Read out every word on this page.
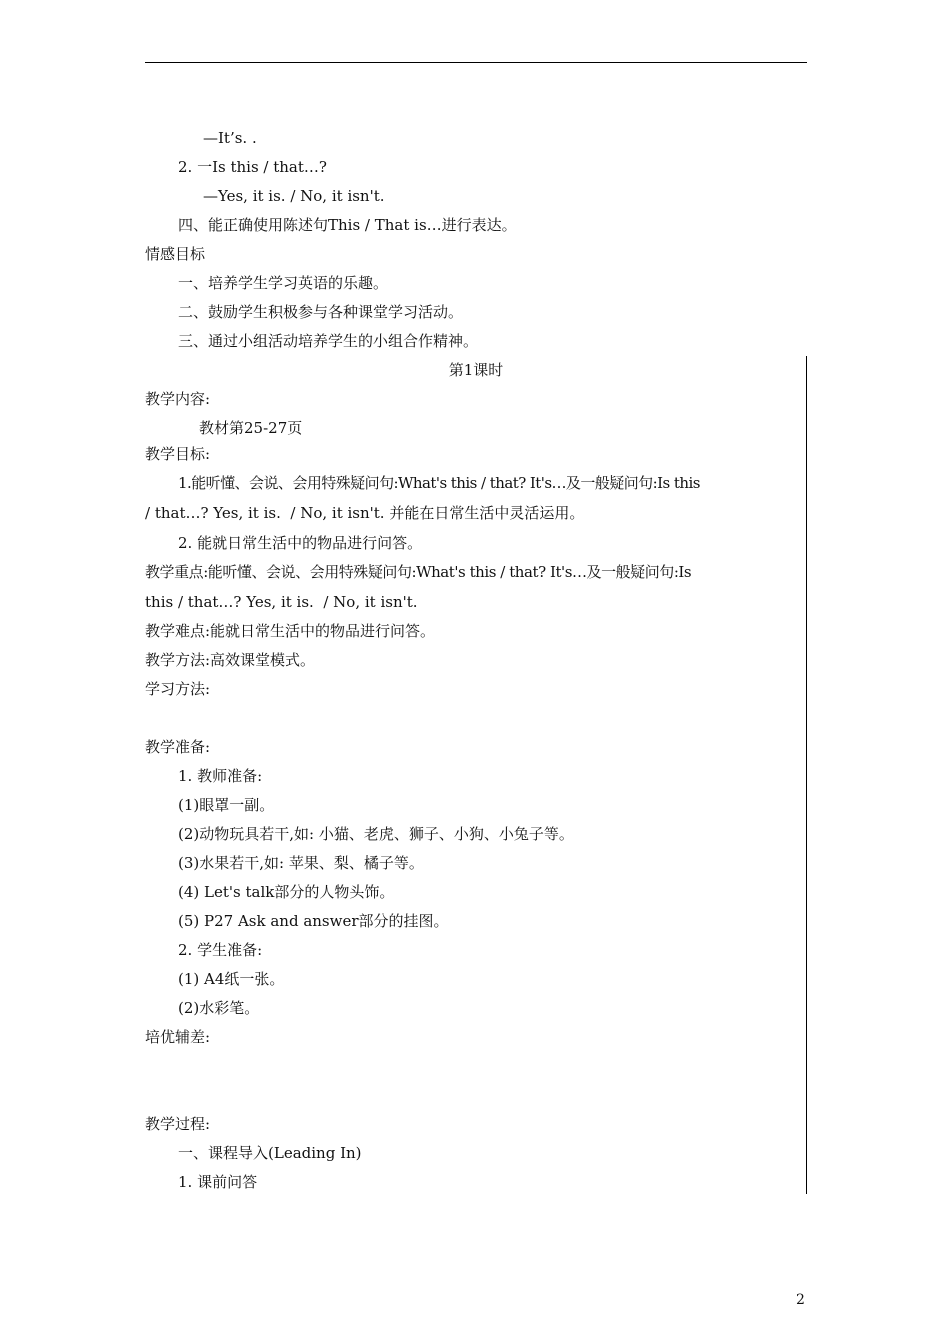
—It’s. .
2. 一Is this / that…?
—Yes, it is. / No, it isn't.
四、能正确使用陈述句This / That is…进行表达。
情感目标
一、培养学生学习英语的乐趣。
二、鼓励学生积极参与各种课堂学习活动。
三、通过小组活动培养学生的小组合作精神。
第1课时
教学内容:
教材第25-27页
教学目标:
1.能听懂、会说、会用特殊疑问句:What's this / that? It's…及一般疑问句:Is this
/ that…? Yes, it is.  / No, it isn't. 并能在日常生活中灵活运用。
2. 能就日常生活中的物品进行问答。
教学重点:能听懂、会说、会用特殊疑问句:What's this / that? It's…及一般疑问句:Is
this / that…? Yes, it is.  / No, it isn't.
教学难点:能就日常生活中的物品进行问答。
教学方法:高效课堂模式。
学习方法:
教学准备:
1. 教师准备:
(1)眼罩一副。
(2)动物玩具若干,如: 小猫、老虎、狮子、小狗、小兔子等。
(3)水果若干,如: 苹果、梨、橘子等。
(4) Let's talk部分的人物头饰。
(5) P27 Ask and answer部分的挂图。
2. 学生准备:
(1) A4纸一张。
(2)水彩笔。
培优辅差:
教学过程:
一、课程导入(Leading In)
1. 课前问答
2
